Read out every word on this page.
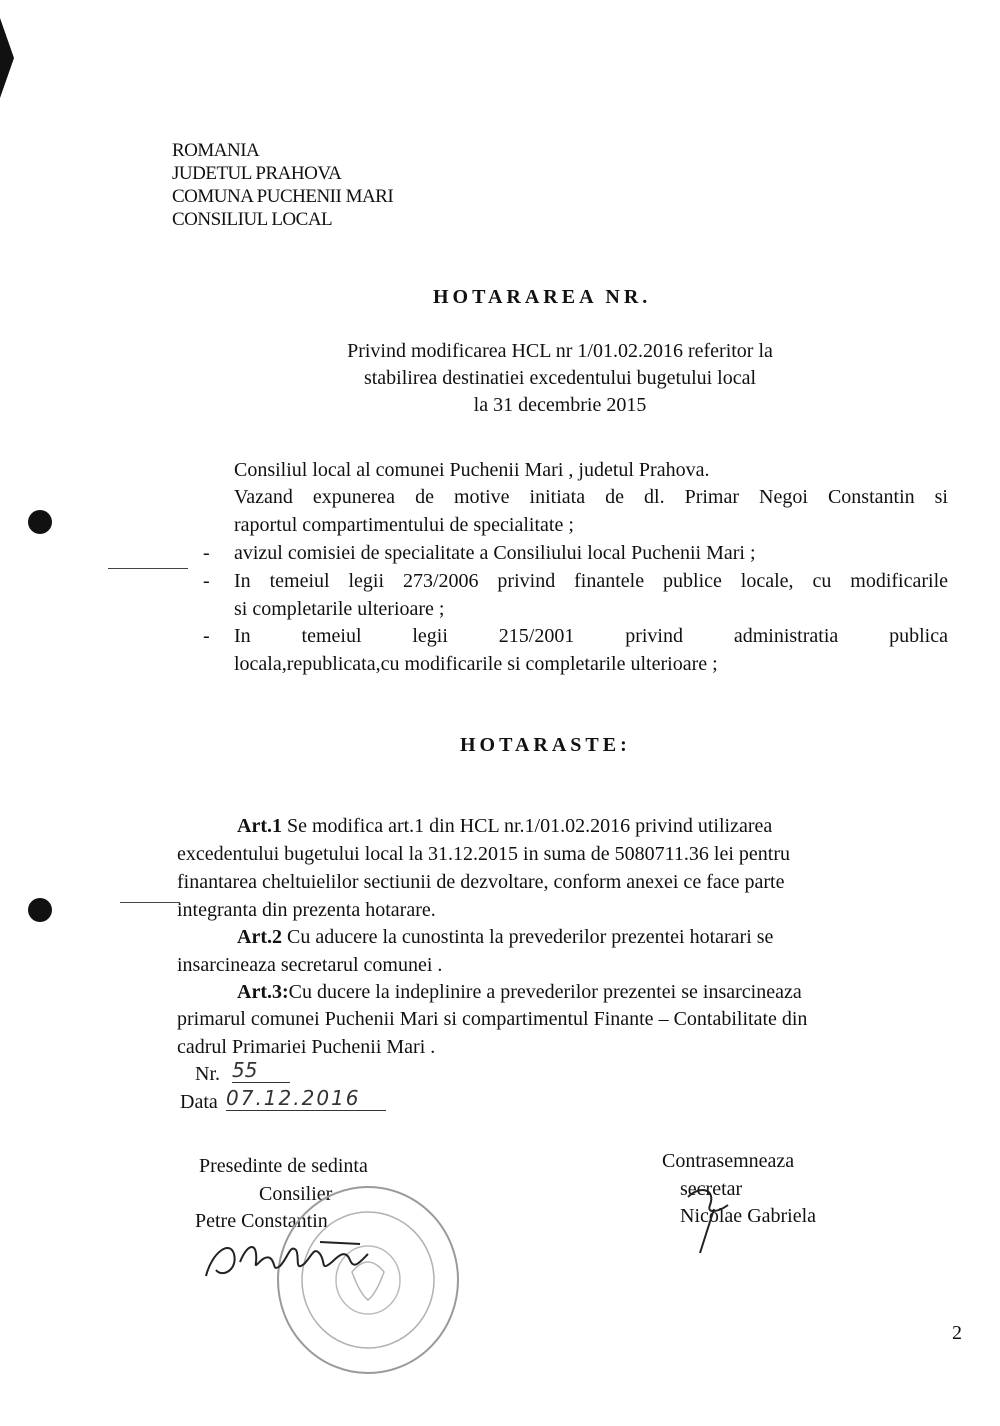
ROMANIA
JUDETUL PRAHOVA
COMUNA PUCHENII MARI
CONSILIUL LOCAL
HOTARAREA NR.
Privind modificarea HCL nr 1/01.02.2016 referitor la
stabilirea destinatiei excedentului bugetului local
la 31 decembrie 2015
Consiliul local al comunei Puchenii Mari , judetul Prahova.
Vazand expunerea de motive initiata de dl. Primar Negoi Constantin si
raportul compartimentului de specialitate ;
- avizul comisiei de specialitate a Consiliului local Puchenii Mari ;
- In temeiul legii 273/2006 privind finantele publice locale, cu modificarile
si completarile ulterioare ;
- In temeiul legii 215/2001 privind administratia publica
locala,republicata,cu modificarile si completarile ulterioare ;
HOTARASTE:
Art.1 Se modifica art.1 din HCL nr.1/01.02.2016 privind utilizarea
excedentului bugetului local la 31.12.2015 in suma de 5080711.36 lei pentru
finantarea cheltuielilor sectiunii de dezvoltare, conform anexei ce face parte
integranta din prezenta hotarare.
Art.2 Cu aducere la cunostinta la prevederilor prezentei hotarari se
insarcineaza secretarul comunei .
Art.3:Cu ducere la indeplinire a prevederilor prezentei se insarcineaza
primarul comunei Puchenii Mari si compartimentul Finante – Contabilitate din
cadrul Primariei Puchenii Mari .
Nr. 55
Data 07.12.2016
Presedinte de sedinta
Consilier
Petre Constantin
Contrasemneaza
secretar
Nicolae Gabriela
2
